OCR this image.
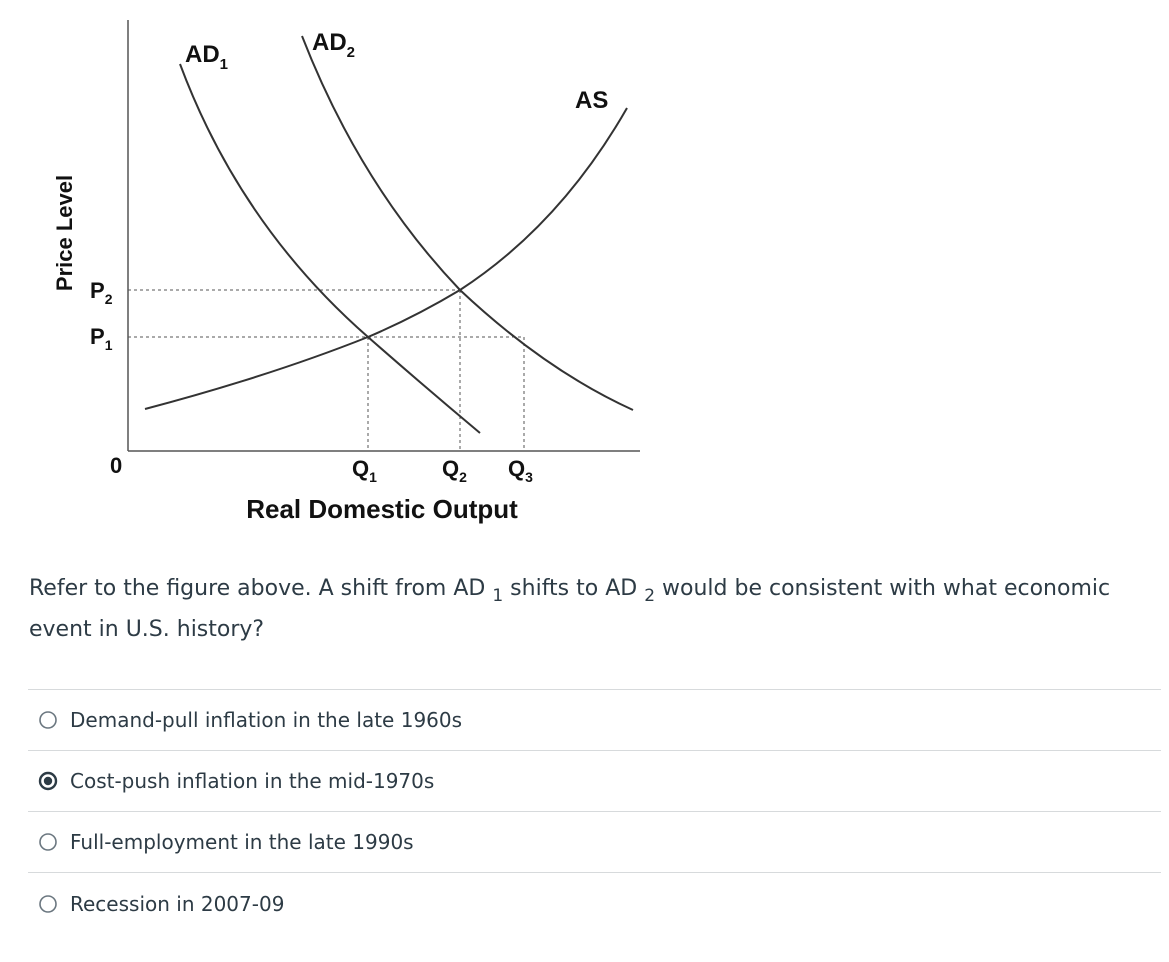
$AD_1$
$AD_2$
AS
$P_2$
$P_1$
0	$Q_1$	$Q_2$ $Q_3$
Real Domestic Output
Price Level
Refer to the figure above. A shift from AD $_1$ shifts to AD $_2$ would be consistent with what economic event in U.S. history?
Demand-pull inflation in the late 1960s
Cost-push inflation in the mid-1970s
Full-employment in the late 1990s
Recession in 2007-09
